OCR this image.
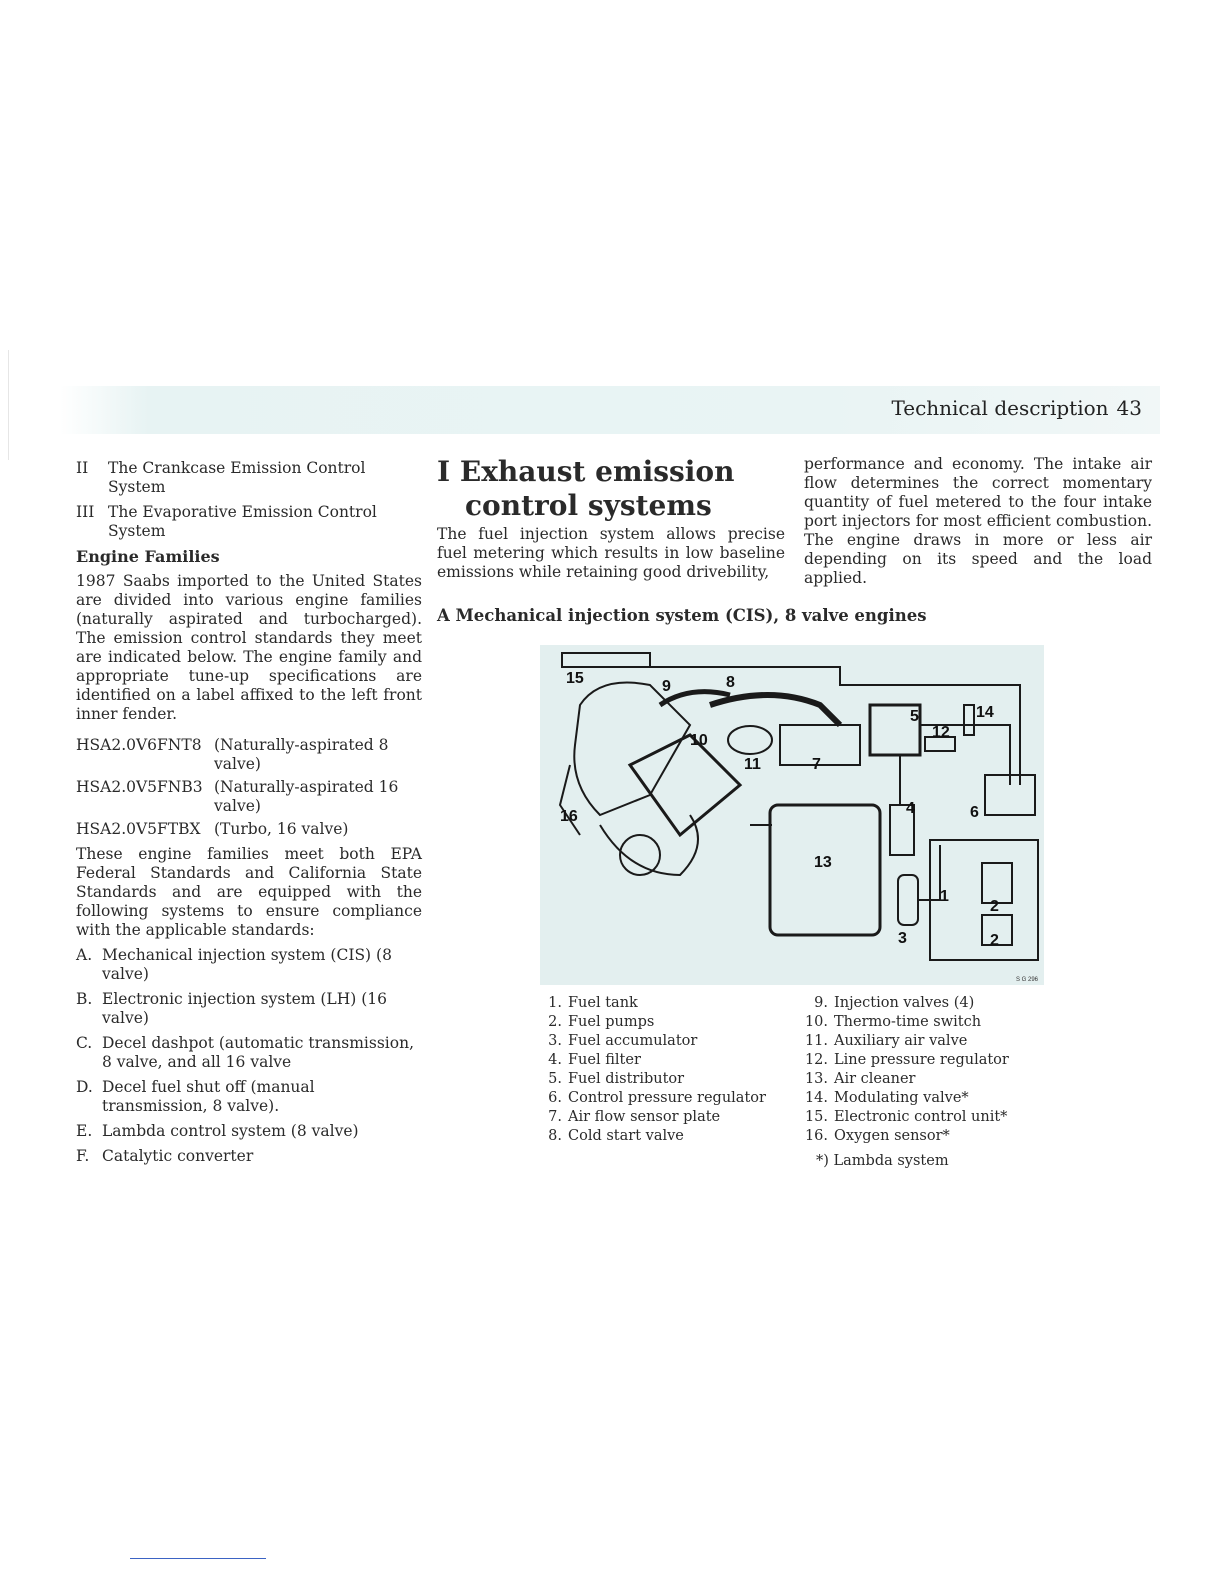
Technical description 43
II	The Crankcase Emission Control System
III The Evaporative Emission Control System
Engine Families

1987 Saabs imported to the United States are divided into various engine families (naturally aspirated and turbocharged). The emission control standards they meet are indicated below. The engine family and appropriate tune-up specifications are identified on a label affixed to the left front inner fender.

HSA2.0V6FNT8 (Naturally-aspirated 8 valve)
HSA2.0V5FNB3 (Naturally-aspirated 16 valve)
HSA2.0V5FTBX (Turbo, 16 valve)

These engine families meet both EPA Federal Standards and California State Standards and are equipped with the following systems to ensure compliance with the applicable standards:

A. Mechanical injection system (CIS) (8 valve)
B. Electronic injection system (LH) (16 valve)
C. Decel dashpot (automatic transmission, 8 valve, and all 16 valve
D. Decel fuel shut off (manual transmission, 8 valve).
E. Lambda control system (8 valve)
F. Catalytic converter
I Exhaust emission
control systems

The fuel injection system allows precise fuel metering which results in low baseline emissions while retaining good drivebility,

performance and economy. The intake air flow determines the correct momentary quantity of fuel metered to the four intake port injectors for most efficient combustion. The engine draws in more or less air depending on its speed and the load applied.

A Mechanical injection system (CIS), 8 valve engines
15	9	8
10
11	7
5
12
14
16	4	6
13
1
2
2
3
S G 296
1. Fuel tank
2. Fuel pumps
3. Fuel accumulator
4. Fuel filter
5. Fuel distributor
6. Control pressure regulator
7. Air flow sensor plate
8. Cold start valve
9. Injection valves (4)
10. Thermo-time switch
11. Auxiliary air valve
12. Line pressure regulator
13. Air cleaner
14. Modulating valve*
15. Electronic control unit*
16. Oxygen sensor*
*) Lambda system
